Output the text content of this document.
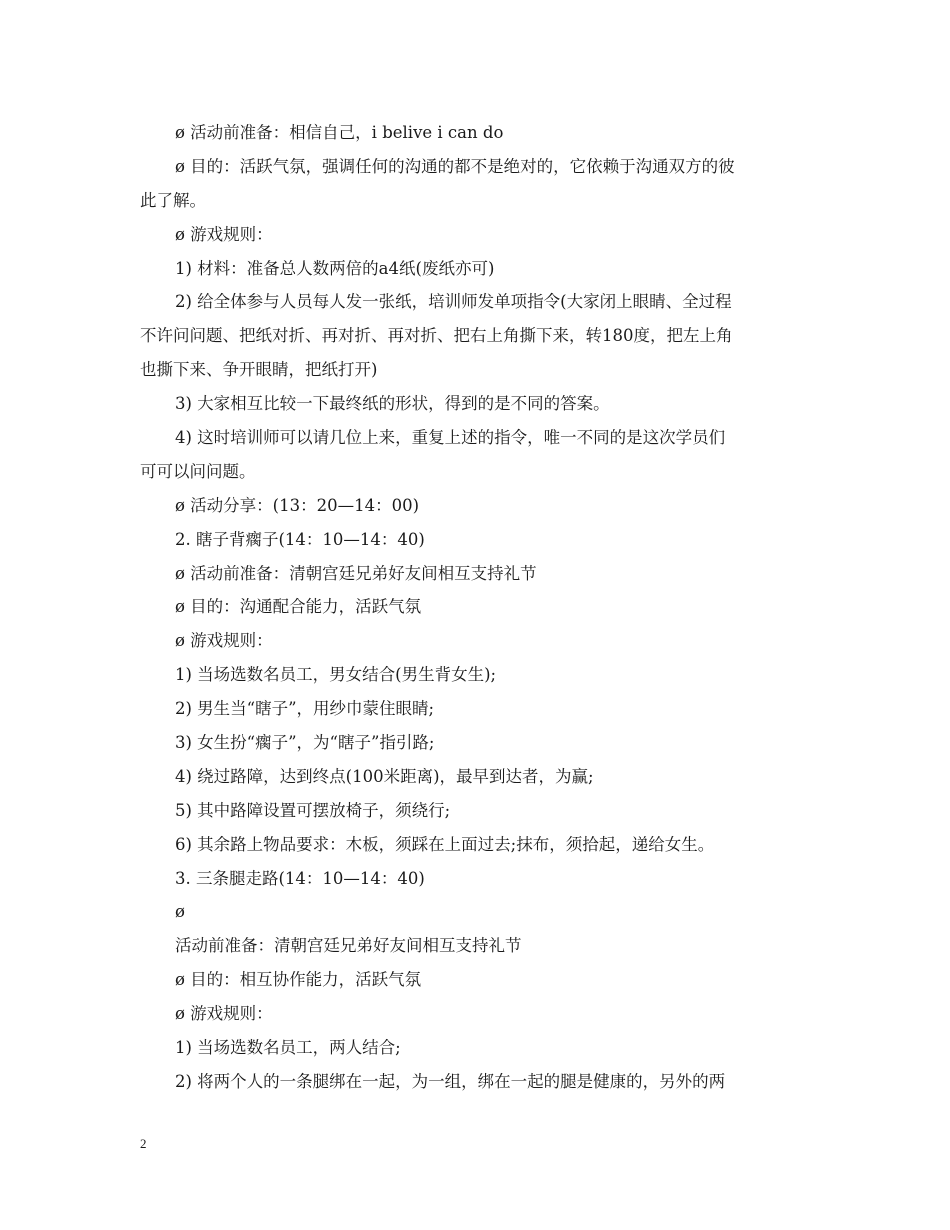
ø 活动前准备：相信自己，i belive i can do
ø 目的：活跃气氛，强调任何的沟通的都不是绝对的，它依赖于沟通双方的彼
此了解。
ø 游戏规则：
1) 材料：准备总人数两倍的a4纸(废纸亦可)
2) 给全体参与人员每人发一张纸，培训师发单项指令(大家闭上眼睛、全过程
不许问问题、把纸对折、再对折、再对折、把右上角撕下来，转180度，把左上角
也撕下来、争开眼睛，把纸打开)
3) 大家相互比较一下最终纸的形状，得到的是不同的答案。
4) 这时培训师可以请几位上来，重复上述的指令，唯一不同的是这次学员们
可可以问问题。
ø 活动分享：(13：20—14：00)
2. 瞎子背瘸子(14：10—14：40)
ø 活动前准备：清朝宫廷兄弟好友间相互支持礼节
ø 目的：沟通配合能力，活跃气氛
ø 游戏规则：
1) 当场选数名员工，男女结合(男生背女生);
2) 男生当“瞎子”，用纱巾蒙住眼睛;
3) 女生扮“瘸子”，为“瞎子”指引路;
4) 绕过路障，达到终点(100米距离)，最早到达者，为赢;
5) 其中路障设置可摆放椅子，须绕行;
6) 其余路上物品要求：木板，须踩在上面过去;抹布，须拾起，递给女生。
3. 三条腿走路(14：10—14：40)
ø
活动前准备：清朝宫廷兄弟好友间相互支持礼节
ø 目的：相互协作能力，活跃气氛
ø 游戏规则：
1) 当场选数名员工，两人结合;
2) 将两个人的一条腿绑在一起，为一组，绑在一起的腿是健康的，另外的两
2
